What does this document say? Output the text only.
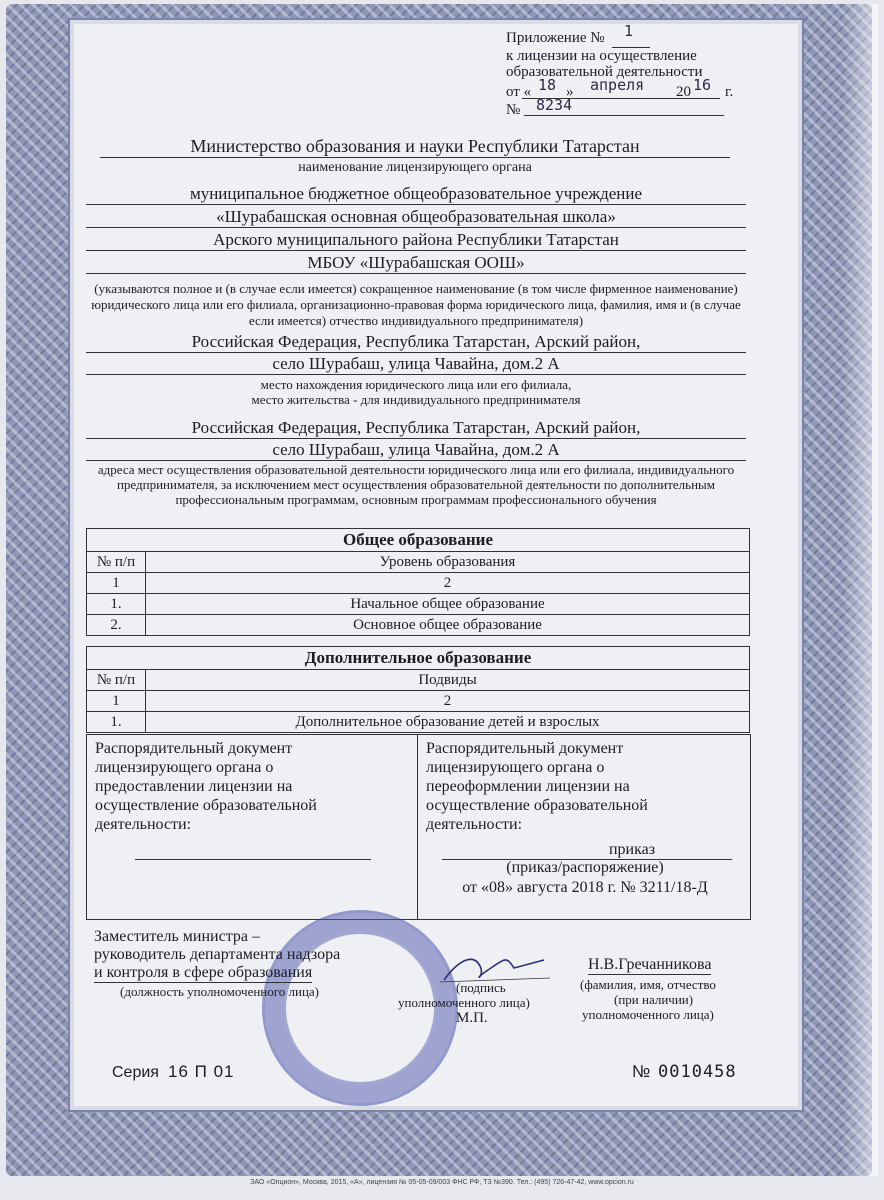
Приложение № 1
к лицензии на осуществление
образовательной деятельности
от « 18 » апреля 20 16 г.
№ 8234
Министерство образования и науки Республики Татарстан
наименование лицензирующего органа
муниципальное бюджетное общеобразовательное учреждение
«Шурабашская основная общеобразовательная школа»
Арского муниципального района Республики Татарстан
МБОУ «Шурабашская ООШ»
(указываются полное и (в случае если имеется) сокращенное наименование (в том числе фирменное наименование) юридического лица или его филиала, организационно-правовая форма юридического лица, фамилия, имя и (в случае если имеется) отчество индивидуального предпринимателя)
Российская Федерация, Республика Татарстан, Арский район,
село Шурабаш, улица Чавайна, дом.2 А
место нахождения юридического лица или его филиала,
место жительства - для индивидуального предпринимателя
Российская Федерация, Республика Татарстан, Арский район,
село Шурабаш, улица Чавайна, дом.2 А
адреса мест осуществления образовательной деятельности юридического лица или его филиала, индивидуального предпринимателя, за исключением мест осуществления образовательной деятельности по дополнительным профессиональным программам, основным программам профессионального обучения
Общее образование	
№ п/п	Уровень образования
1	2
1.	Начальное общее образование
2.	Основное общее образование
Дополнительное образование	
№ п/п	Подвиды
1	2
1.	Дополнительное образование детей и взрослых
Распорядительный документ лицензирующего органа о предоставлении лицензии на осуществление образовательной деятельности:
Распорядительный документ лицензирующего органа о переоформлении лицензии на осуществление образовательной деятельности:
приказ
(приказ/распоряжение)
от «08» августа 2018 г. № 3211/18-Д
Заместитель министра –
руководитель департамента надзора
и контроля в сфере образования
(должность уполномоченного лица)	(подпись
уполномоченного лица)
М.П.
Н.В.Гречанникова
(фамилия, имя, отчество
(при наличии)
уполномоченного лица)
Серия 16 П 01	№ 0010458
ЗАО «Опцион», Москва, 2015, «А», лицензия № 05-05-09/003 ФНС РФ, ТЗ №390. Тел.: (495) 726-47-42, www.opcion.ru
